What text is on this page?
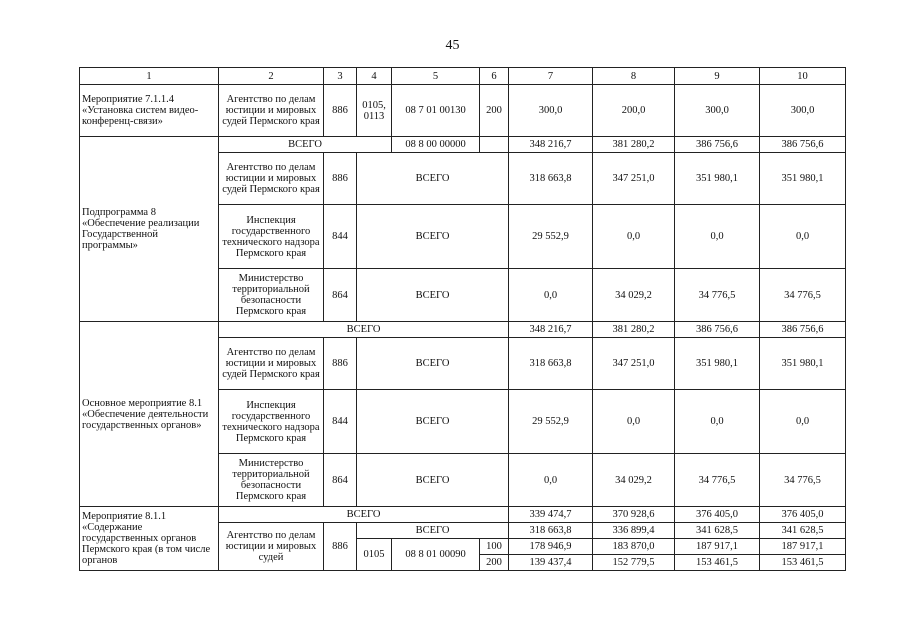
45
1	2	3	4	5	6	7	8	9	10
Мероприятие 7.1.1.4 «Установка систем видео-конференц-связи»	Агентство по делам юстиции и мировых судей Пермского края	886	0105, 0113	08 7 01 00130	200	300,0	200,0	300,0	300,0
Подпрограмма 8 «Обеспечение реализации Государственной программы»	ВСЕГО			08 8 00 00000		348 216,7	381 280,2	386 756,6	386 756,6
	Агентство по делам юстиции и мировых судей Пермского края	886	ВСЕГО			318 663,8	347 251,0	351 980,1	351 980,1
	Инспекция государственного технического надзора Пермского края	844	ВСЕГО			29 552,9	0,0	0,0	0,0
	Министерство территориальной безопасности Пермского края	864	ВСЕГО			0,0	34 029,2	34 776,5	34 776,5
Основное мероприятие 8.1 «Обеспечение деятельности государственных органов»	ВСЕГО					348 216,7	381 280,2	386 756,6	386 756,6
	Агентство по делам юстиции и мировых судей Пермского края	886	ВСЕГО			318 663,8	347 251,0	351 980,1	351 980,1
	Инспекция государственного технического надзора Пермского края	844	ВСЕГО			29 552,9	0,0	0,0	0,0
	Министерство территориальной безопасности Пермского края	864	ВСЕГО			0,0	34 029,2	34 776,5	34 776,5
Мероприятие 8.1.1 «Содержание государственных органов Пермского края (в том числе органов	ВСЕГО					339 474,7	370 928,6	376 405,0	376 405,0
	Агентство по делам юстиции и мировых судей	886	ВСЕГО			318 663,8	336 899,4	341 628,5	341 628,5
			0105	08 8 01 00090	100	178 946,9	183 870,0	187 917,1	187 917,1
					200	139 437,4	152 779,5	153 461,5	153 461,5
